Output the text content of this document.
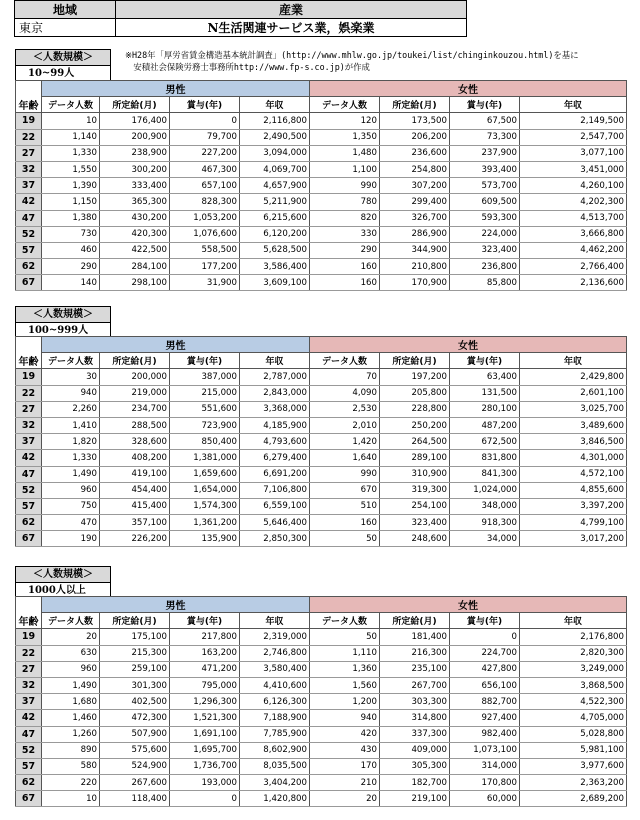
地域	産業
東京	N生活関連サービス業，娯楽業
※H28年「厚労省賃金構造基本統計調査」(http://www.mhlw.go.jp/toukei/list/chinginkouzou.html)を基に
　安積社会保険労務士事務所http://www.fp-s.co.jp)が作成
＜人数規模＞
10~99人
＜人数規模＞
100~999人
＜人数規模＞
1000人以上
	男性				女性			
年齢	データ人数	所定給(月)	賞与(年)	年収	データ人数	所定給(月)	賞与(年)	年収
19	10	176,400	0	2,116,800	120	173,500	67,500	2,149,500
22	1,140	200,900	79,700	2,490,500	1,350	206,200	73,300	2,547,700
27	1,330	238,900	227,200	3,094,000	1,480	236,600	237,900	3,077,100
32	1,550	300,200	467,300	4,069,700	1,100	254,800	393,400	3,451,000
37	1,390	333,400	657,100	4,657,900	990	307,200	573,700	4,260,100
42	1,150	365,300	828,300	5,211,900	780	299,400	609,500	4,202,300
47	1,380	430,200	1,053,200	6,215,600	820	326,700	593,300	4,513,700
52	730	420,300	1,076,600	6,120,200	330	286,900	224,000	3,666,800
57	460	422,500	558,500	5,628,500	290	344,900	323,400	4,462,200
62	290	284,100	177,200	3,586,400	160	210,800	236,800	2,766,400
67	140	298,100	31,900	3,609,100	160	170,900	85,800	2,136,600
	男性				女性			
年齢	データ人数	所定給(月)	賞与(年)	年収	データ人数	所定給(月)	賞与(年)	年収
19	30	200,000	387,000	2,787,000	70	197,200	63,400	2,429,800
22	940	219,000	215,000	2,843,000	4,090	205,800	131,500	2,601,100
27	2,260	234,700	551,600	3,368,000	2,530	228,800	280,100	3,025,700
32	1,410	288,500	723,900	4,185,900	2,010	250,200	487,200	3,489,600
37	1,820	328,600	850,400	4,793,600	1,420	264,500	672,500	3,846,500
42	1,330	408,200	1,381,000	6,279,400	1,640	289,100	831,800	4,301,000
47	1,490	419,100	1,659,600	6,691,200	990	310,900	841,300	4,572,100
52	960	454,400	1,654,000	7,106,800	670	319,300	1,024,000	4,855,600
57	750	415,400	1,574,300	6,559,100	510	254,100	348,000	3,397,200
62	470	357,100	1,361,200	5,646,400	160	323,400	918,300	4,799,100
67	190	226,200	135,900	2,850,300	50	248,600	34,000	3,017,200
	男性				女性			
年齢	データ人数	所定給(月)	賞与(年)	年収	データ人数	所定給(月)	賞与(年)	年収
19	20	175,100	217,800	2,319,000	50	181,400	0	2,176,800
22	630	215,300	163,200	2,746,800	1,110	216,300	224,700	2,820,300
27	960	259,100	471,200	3,580,400	1,360	235,100	427,800	3,249,000
32	1,490	301,300	795,000	4,410,600	1,560	267,700	656,100	3,868,500
37	1,680	402,500	1,296,300	6,126,300	1,200	303,300	882,700	4,522,300
42	1,460	472,300	1,521,300	7,188,900	940	314,800	927,400	4,705,000
47	1,260	507,900	1,691,100	7,785,900	420	337,300	982,400	5,028,800
52	890	575,600	1,695,700	8,602,900	430	409,000	1,073,100	5,981,100
57	580	524,900	1,736,700	8,035,500	170	305,300	314,000	3,977,600
62	220	267,600	193,000	3,404,200	210	182,700	170,800	2,363,200
67	10	118,400	0	1,420,800	20	219,100	60,000	2,689,200
